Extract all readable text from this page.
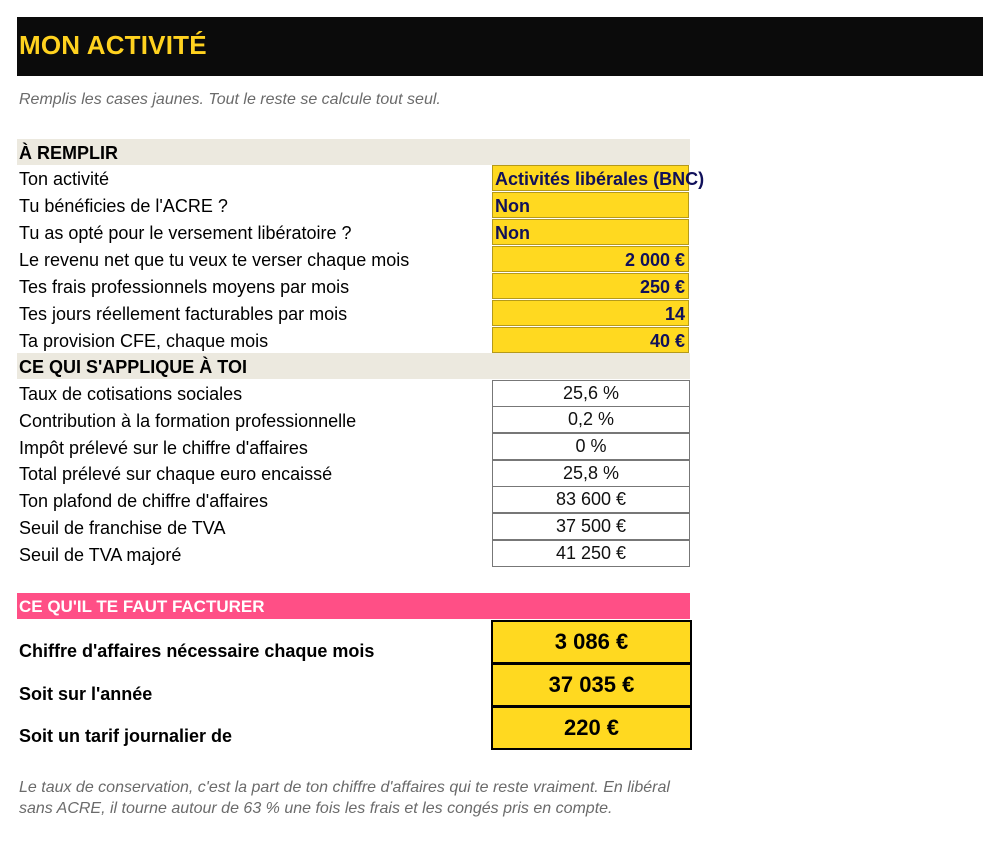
MON ACTIVITÉ
Remplis les cases jaunes. Tout le reste se calcule tout seul.
À REMPLIR
Ton activité	Activités libérales (BNC)
Tu bénéficies de l'ACRE ?	Non
Tu as opté pour le versement libératoire ?	Non
Le revenu net que tu veux te verser chaque mois	2 000 €
Tes frais professionnels moyens par mois	250 €
Tes jours réellement facturables par mois	14
Ta provision CFE, chaque mois	40 €
CE QUI S'APPLIQUE À TOI
Taux de cotisations sociales	25,6 %
Contribution à la formation professionnelle	0,2 %
Impôt prélevé sur le chiffre d'affaires	0 %
Total prélevé sur chaque euro encaissé	25,8 %
Ton plafond de chiffre d'affaires	83 600 €
Seuil de franchise de TVA	37 500 €
Seuil de TVA majoré	41 250 €
CE QU'IL TE FAUT FACTURER
Chiffre d'affaires nécessaire chaque mois	3 086 €
Soit sur l'année	37 035 €
Soit un tarif journalier de	220 €
Le taux de conservation, c'est la part de ton chiffre d'affaires qui te reste vraiment. En libéral sans ACRE, il tourne autour de 63 % une fois les frais et les congés pris en compte.
